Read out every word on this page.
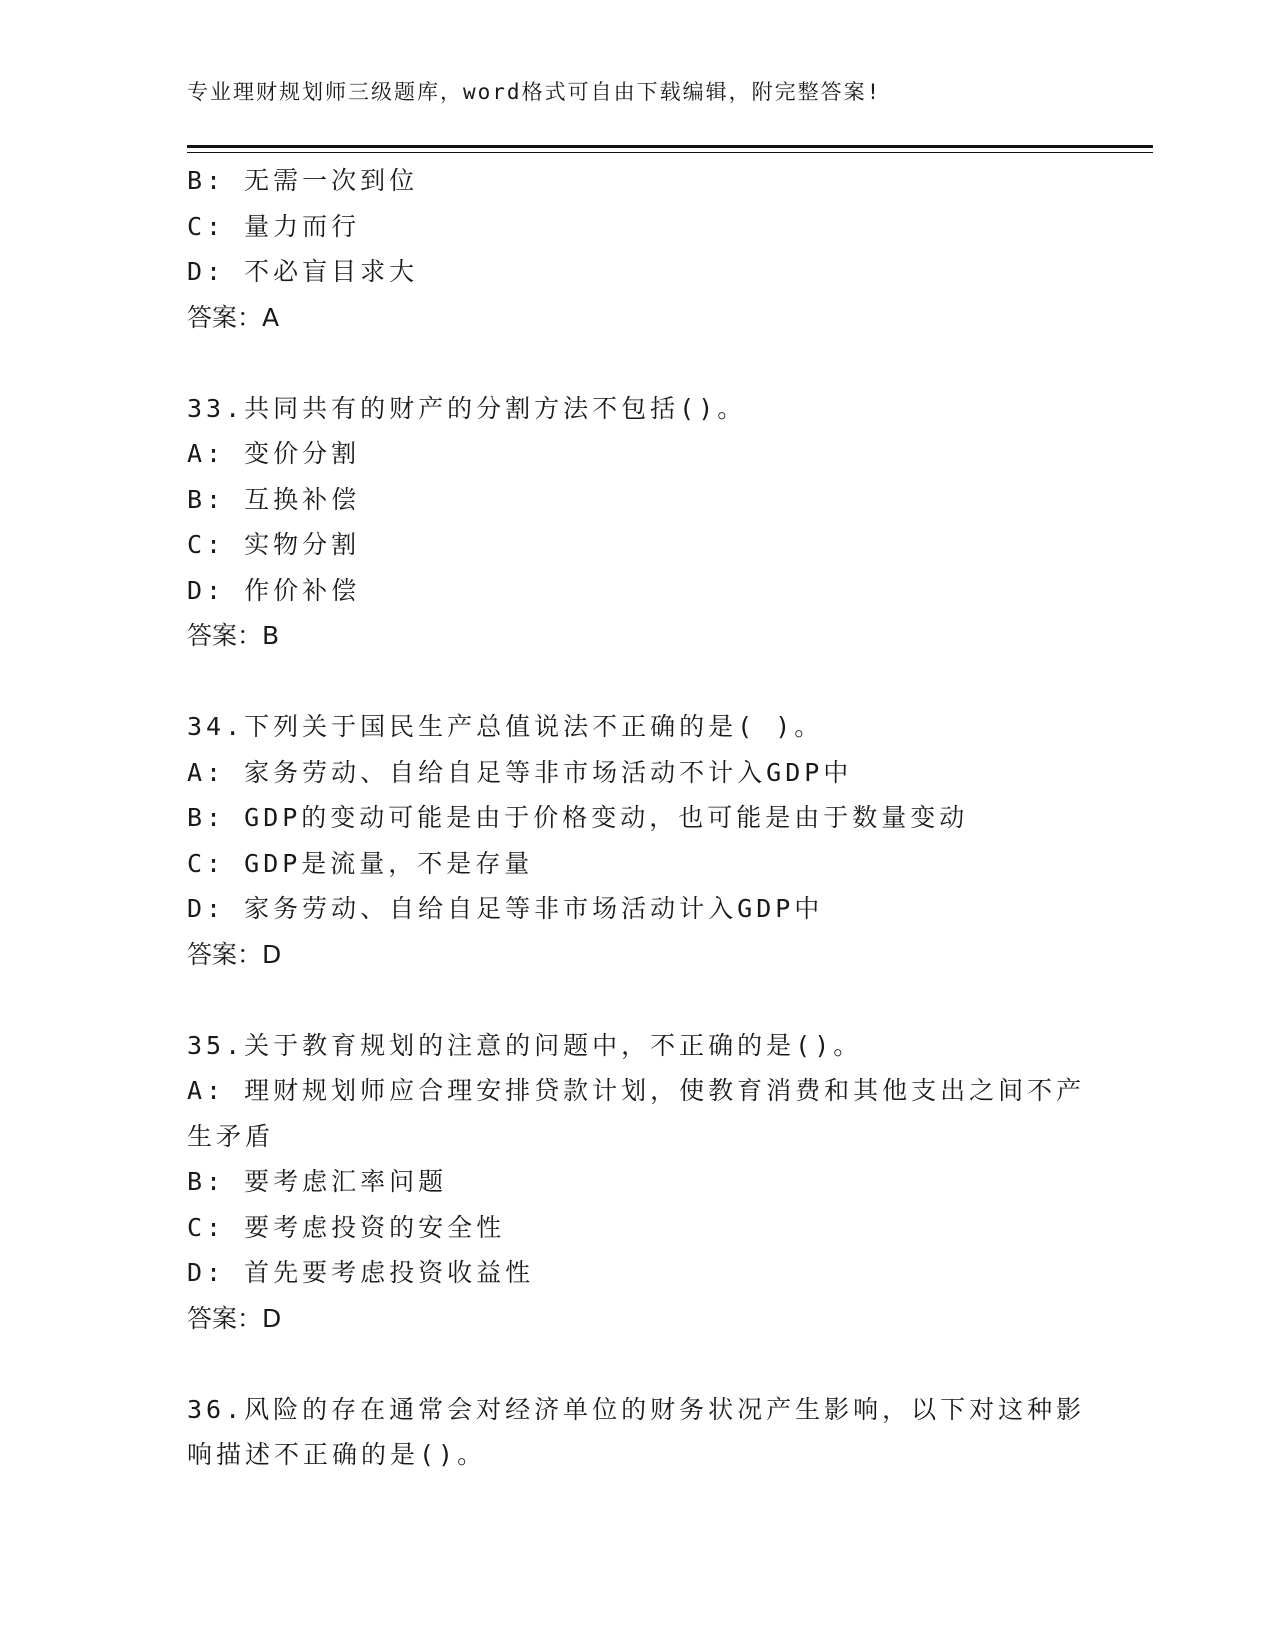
专业理财规划师三级题库，word格式可自由下载编辑，附完整答案!
B: 无需一次到位
C: 量力而行
D: 不必盲目求大
答案：A
33.共同共有的财产的分割方法不包括()。
A: 变价分割
B: 互换补偿
C: 实物分割
D: 作价补偿
答案：B
34.下列关于国民生产总值说法不正确的是( )。
A: 家务劳动、自给自足等非市场活动不计入GDP中
B: GDP的变动可能是由于价格变动，也可能是由于数量变动
C: GDP是流量，不是存量
D: 家务劳动、自给自足等非市场活动计入GDP中
答案：D
35.关于教育规划的注意的问题中，不正确的是()。
A: 理财规划师应合理安排贷款计划，使教育消费和其他支出之间不产
生矛盾
B: 要考虑汇率问题
C: 要考虑投资的安全性
D: 首先要考虑投资收益性
答案：D
36.风险的存在通常会对经济单位的财务状况产生影响，以下对这种影
响描述不正确的是()。
